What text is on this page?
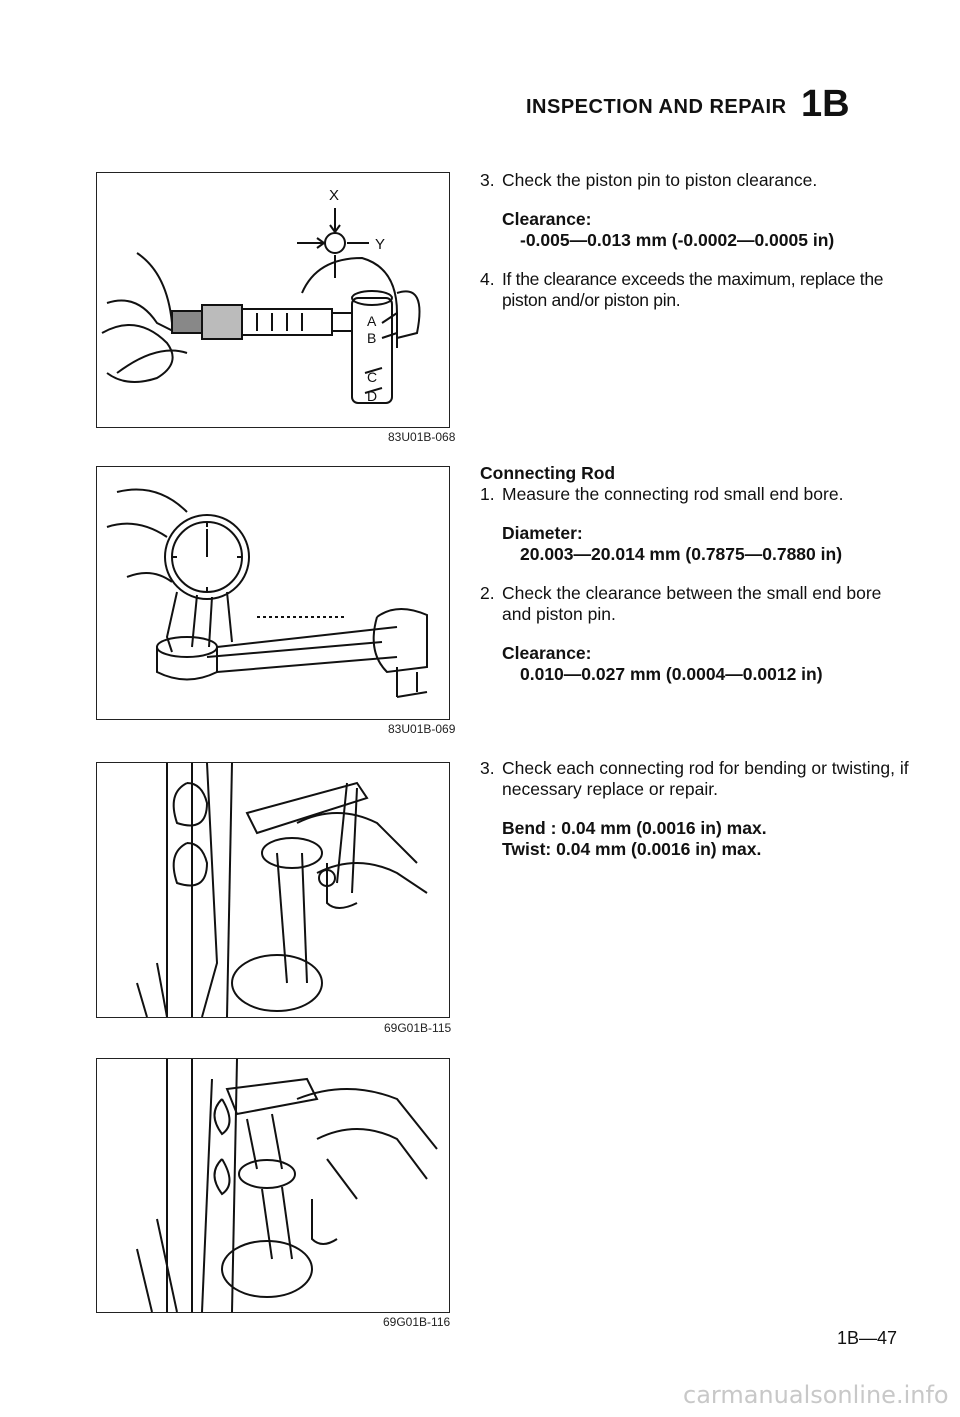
INSPECTION AND REPAIR 1B
X
Y
A
B
C
D
83U01B-068
83U01B-069
69G01B-115
69G01B-116
3. Check the piston pin to piston clearance.
Clearance:
-0.005—0.013 mm (-0.0002—0.0005 in)
4. If the clearance exceeds the maximum, replace the piston and/or piston pin.
Connecting Rod
1. Measure the connecting rod small end bore.
Diameter:
20.003—20.014 mm (0.7875—0.7880 in)
2. Check the clearance between the small end bore and piston pin.
Clearance:
0.010—0.027 mm (0.0004—0.0012 in)
3. Check each connecting rod for bending or twisting, if necessary replace or repair.
Bend : 0.04 mm (0.0016 in) max.
Twist: 0.04 mm (0.0016 in) max.
1B—47
carmanualsonline.info
